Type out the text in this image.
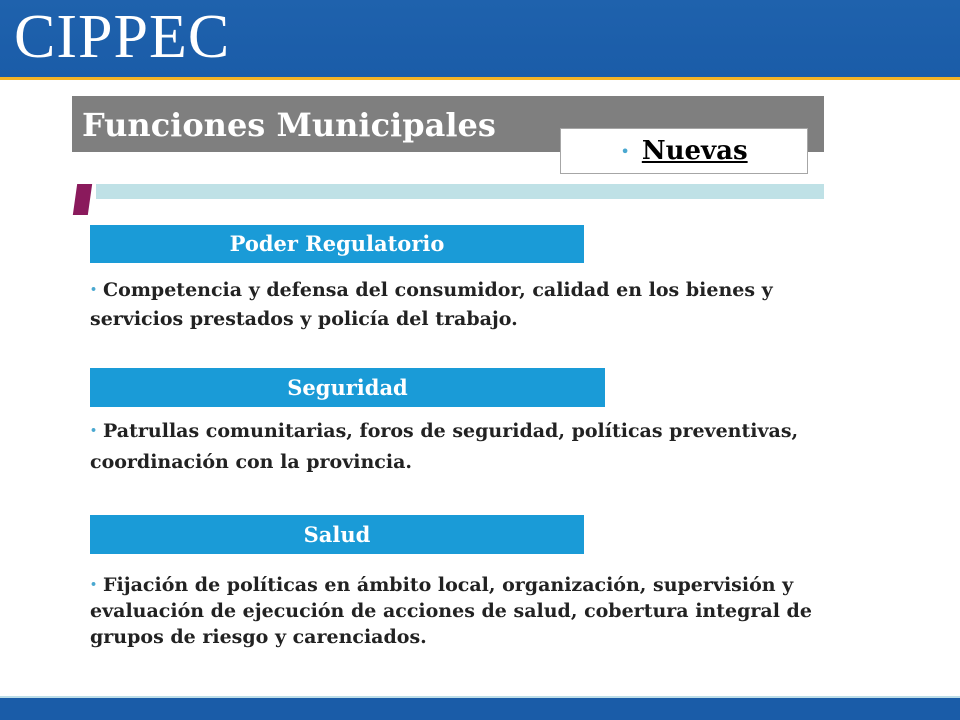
CIPPEC
Funciones Municipales
• Nuevas
Poder Regulatorio
• Competencia y defensa del consumidor, calidad en los bienes y servicios prestados y policía del trabajo.
Seguridad
• Patrullas comunitarias, foros de seguridad, políticas preventivas, coordinación con la provincia.
Salud
• Fijación de políticas en ámbito local, organización, supervisión y evaluación de ejecución de acciones de salud, cobertura integral de grupos de riesgo y carenciados.
